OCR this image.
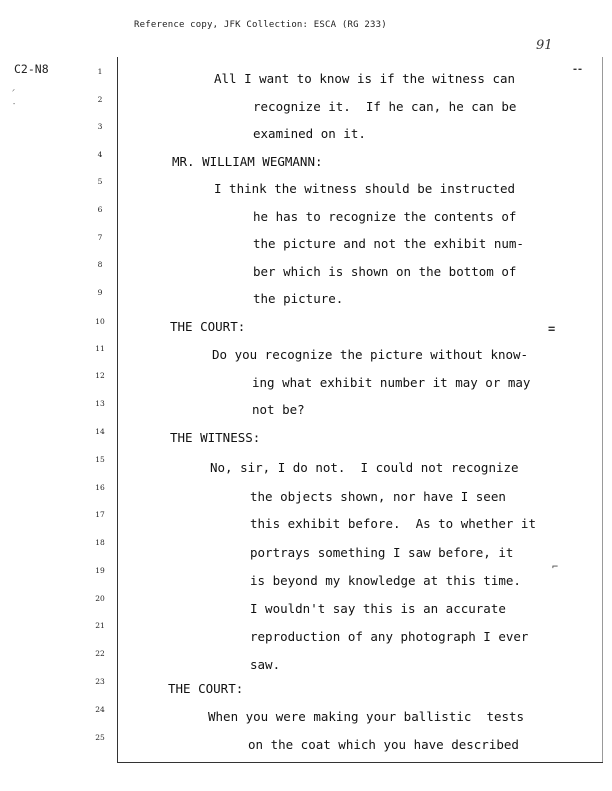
Reference copy, JFK Collection: ESCA (RG 233)
91
C2-N8	‑‑
=
ᐟ
‑
⌐
1
2
3
4
5
6
7
8
9
10
11
12
13
14
15
16
17
18
19
20
21
22
23
24
25
All I want to know is if the witness can
recognize it.  If he can, he can be
examined on it.
MR. WILLIAM WEGMANN:
I think the witness should be instructed
he has to recognize the contents of
the picture and not the exhibit num-
ber which is shown on the bottom of
the picture.
THE COURT:
Do you recognize the picture without know-
ing what exhibit number it may or may
not be?
THE WITNESS:
No, sir, I do not.  I could not recognize
the objects shown, nor have I seen
this exhibit before.  As to whether it
portrays something I saw before, it
is beyond my knowledge at this time.
I wouldn't say this is an accurate
reproduction of any photograph I ever
saw.
THE COURT:
When you were making your ballistic  tests
on the coat which you have described
